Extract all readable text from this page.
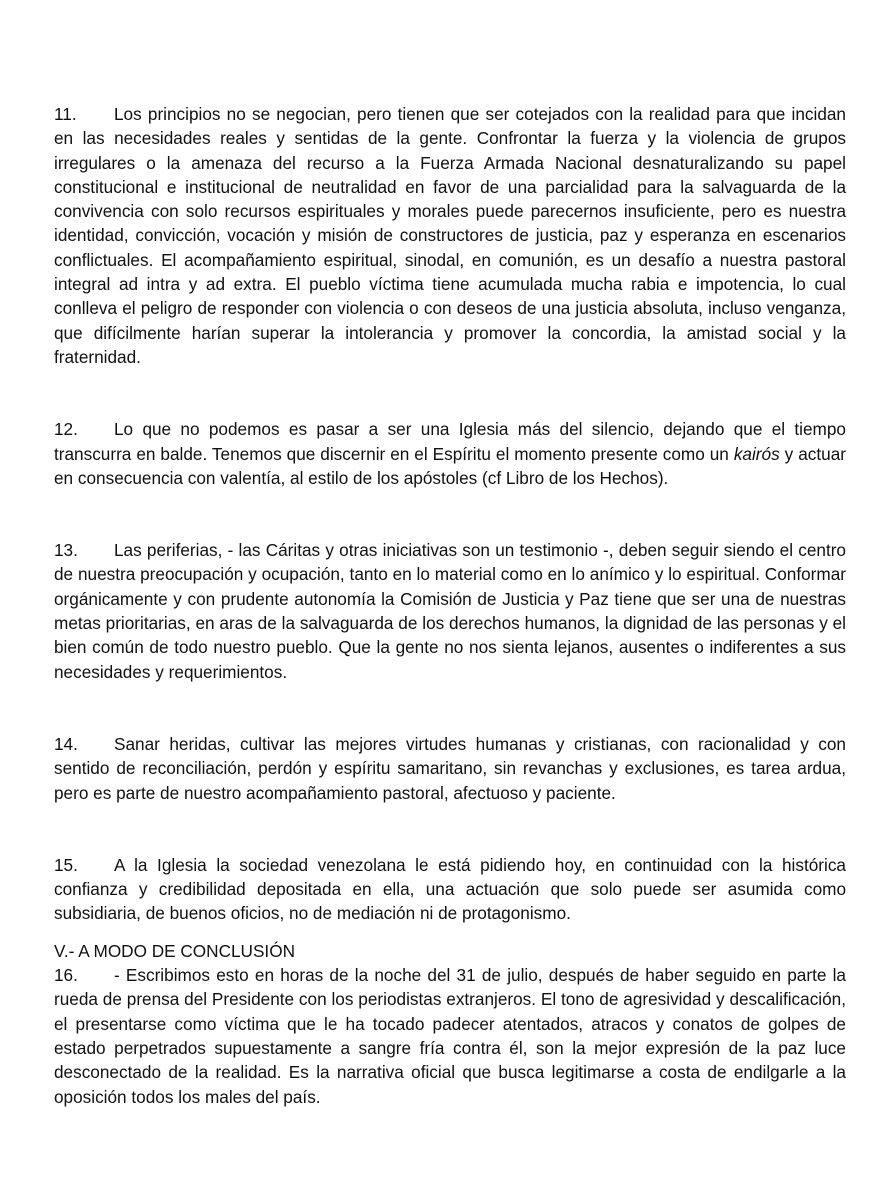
11. Los principios no se negocian, pero tienen que ser cotejados con la realidad para que incidan en las necesidades reales y sentidas de la gente. Confrontar la fuerza y la violencia de grupos irregulares o la amenaza del recurso a la Fuerza Armada Nacional desnaturalizando su papel constitucional e institucional de neutralidad en favor de una parcialidad para la salvaguarda de la convivencia con solo recursos espirituales y morales puede parecernos insuficiente, pero es nuestra identidad, convicción, vocación y misión de constructores de justicia, paz y esperanza en escenarios conflictuales. El acompañamiento espiritual, sinodal, en comunión, es un desafío a nuestra pastoral integral ad intra y ad extra. El pueblo víctima tiene acumulada mucha rabia e impotencia, lo cual conlleva el peligro de responder con violencia o con deseos de una justicia absoluta, incluso venganza, que difícilmente harían superar la intolerancia y promover la concordia, la amistad social y la fraternidad.

12. Lo que no podemos es pasar a ser una Iglesia más del silencio, dejando que el tiempo transcurra en balde. Tenemos que discernir en el Espíritu el momento presente como un kairós y actuar en consecuencia con valentía, al estilo de los apóstoles (cf Libro de los Hechos).

13. Las periferias, - las Cáritas y otras iniciativas son un testimonio -, deben seguir siendo el centro de nuestra preocupación y ocupación, tanto en lo material como en lo anímico y lo espiritual. Conformar orgánicamente y con prudente autonomía la Comisión de Justicia y Paz tiene que ser una de nuestras metas prioritarias, en aras de la salvaguarda de los derechos humanos, la dignidad de las personas y el bien común de todo nuestro pueblo. Que la gente no nos sienta lejanos, ausentes o indiferentes a sus necesidades y requerimientos.

14. Sanar heridas, cultivar las mejores virtudes humanas y cristianas, con racionalidad y con sentido de reconciliación, perdón y espíritu samaritano, sin revanchas y exclusiones, es tarea ardua, pero es parte de nuestro acompañamiento pastoral, afectuoso y paciente.

15. A la Iglesia la sociedad venezolana le está pidiendo hoy, en continuidad con la histórica confianza y credibilidad depositada en ella, una actuación que solo puede ser asumida como subsidiaria, de buenos oficios, no de mediación ni de protagonismo.

V.- A MODO DE CONCLUSIÓN

16. - Escribimos esto en horas de la noche del 31 de julio, después de haber seguido en parte la rueda de prensa del Presidente con los periodistas extranjeros. El tono de agresividad y descalificación, el presentarse como víctima que le ha tocado padecer atentados, atracos y conatos de golpes de estado perpetrados supuestamente a sangre fría contra él, son la mejor expresión de la paz luce desconectado de la realidad. Es la narrativa oficial que busca legitimarse a costa de endilgarle a la oposición todos los males del país.
